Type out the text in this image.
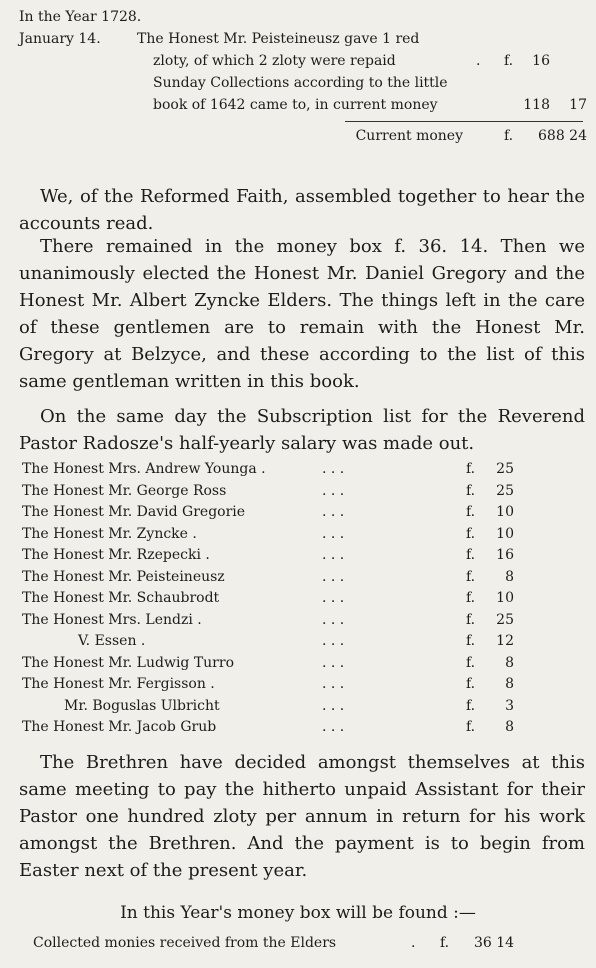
In the Year 1728.
January 14.	The Honest Mr. Peisteineusz gave 1 red
zloty, of which 2 zloty were repaid	. f. 16
Sunday Collections according to the little
book of 1642 came to, in current money	118 17
Current money	f. 688 24

We, of the Reformed Faith, assembled together to hear the accounts read.

There remained in the money box f. 36. 14. Then we unanimously elected the Honest Mr. Daniel Gregory and the Honest Mr. Albert Zyncke Elders. The things left in the care of these gentlemen are to remain with the Honest Mr. Gregory at Belzyce, and these according to the list of this same gentleman written in this book.

On the same day the Subscription list for the Reverend Pastor Radosze's half-yearly salary was made out.

The Honest Mrs. Andrew Younga .	. . .	f. 25
The Honest Mr. George Ross	. . .	f. 25
The Honest Mr. David Gregorie	. . .	f. 10
The Honest Mr. Zyncke .	. . .	f. 10
The Honest Mr. Rzepecki .	. . .	f. 16
The Honest Mr. Peisteineusz	. . .	f. 8
The Honest Mr. Schaubrodt	. . .	f. 10
The Honest Mrs. Lendzi .	. . .	f. 25
V. Essen .	. . .	f. 12
The Honest Mr. Ludwig Turro	. . .	f. 8
The Honest Mr. Fergisson .	. . .	f. 8
Mr. Boguslas Ulbricht	. . .	f. 3
The Honest Mr. Jacob Grub	. . .	f. 8

The Brethren have decided amongst themselves at this same meeting to pay the hitherto unpaid Assistant for their Pastor one hundred zloty per annum in return for his work amongst the Brethren. And the payment is to begin from Easter next of the present year.

In this Year's money box will be found :—
Collected monies received from the Elders	. f. 36 14
